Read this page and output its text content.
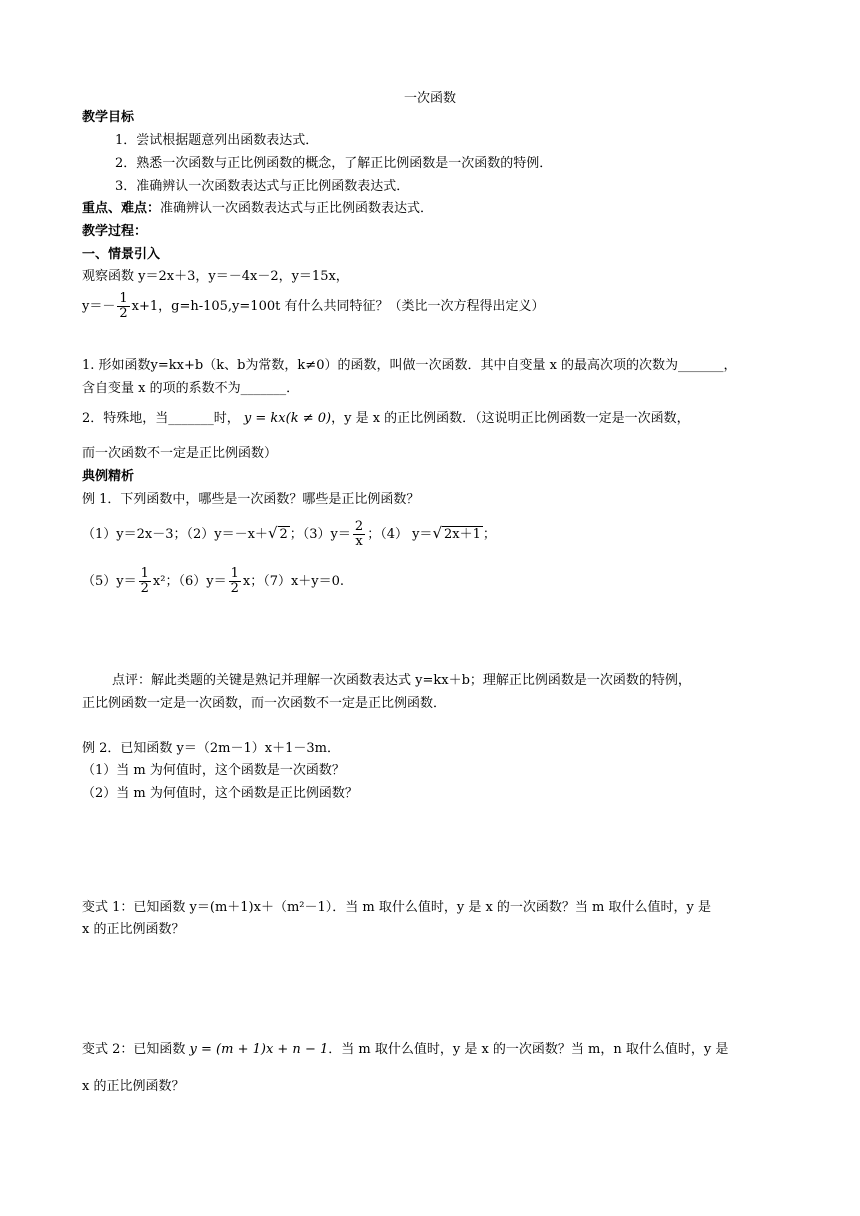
一次函数
教学目标
1．尝试根据题意列出函数表达式．
2．熟悉一次函数与正比例函数的概念，了解正比例函数是一次函数的特例．
3．准确辨认一次函数表达式与正比例函数表达式．
重点、难点：准确辨认一次函数表达式与正比例函数表达式．
教学过程：
一、情景引入
观察函数 y＝2x＋3，y＝－4x－2，y＝15x，
$y=- \frac{1}{2} x+1$，g=h-105,y=100t 有什么共同特征？（类比一次方程得出定义）
1. 形如函数y=kx+b（k、b为常数，k≠0）的函数，叫做一次函数．其中自变量 x 的最高次项的次数为_______，
含自变量 x 的项的系数不为_______．
2．特殊地，当_______时， y = kx(k ≠ 0)，y 是 x 的正比例函数．（这说明正比例函数一定是一次函数，
而一次函数不一定是正比例函数）
典例精析
例 1．下列函数中，哪些是一次函数？哪些是正比例函数？
（1）y＝2x－3；（2）y＝－x＋√ 2 ；$(3)y= \frac{2}{x}$ ；（4） y＝√ 2x＋1 ；
$(5)y= \frac{1}{2} x^2$；$(6)y= \frac{1}{2}$ x；（7）x＋y＝0.
点评：解此类题的关键是熟记并理解一次函数表达式 y=kx＋b；理解正比例函数是一次函数的特例，
正比例函数一定是一次函数，而一次函数不一定是正比例函数．
例 2．已知函数 y＝（2m－1）x＋1－3m．
（1）当 m 为何值时，这个函数是一次函数？
（2）当 m 为何值时，这个函数是正比例函数？
变式 1：已知函数 y＝(m＋1)x＋（m²－1）．当 m 取什么值时，y 是 x 的一次函数？当 m 取什么值时，y 是
x 的正比例函数？
变式 2：已知函数 y = (m + 1)x + n − 1．当 m 取什么值时，y 是 x 的一次函数？当 m，n 取什么值时，y 是
x 的正比例函数？
